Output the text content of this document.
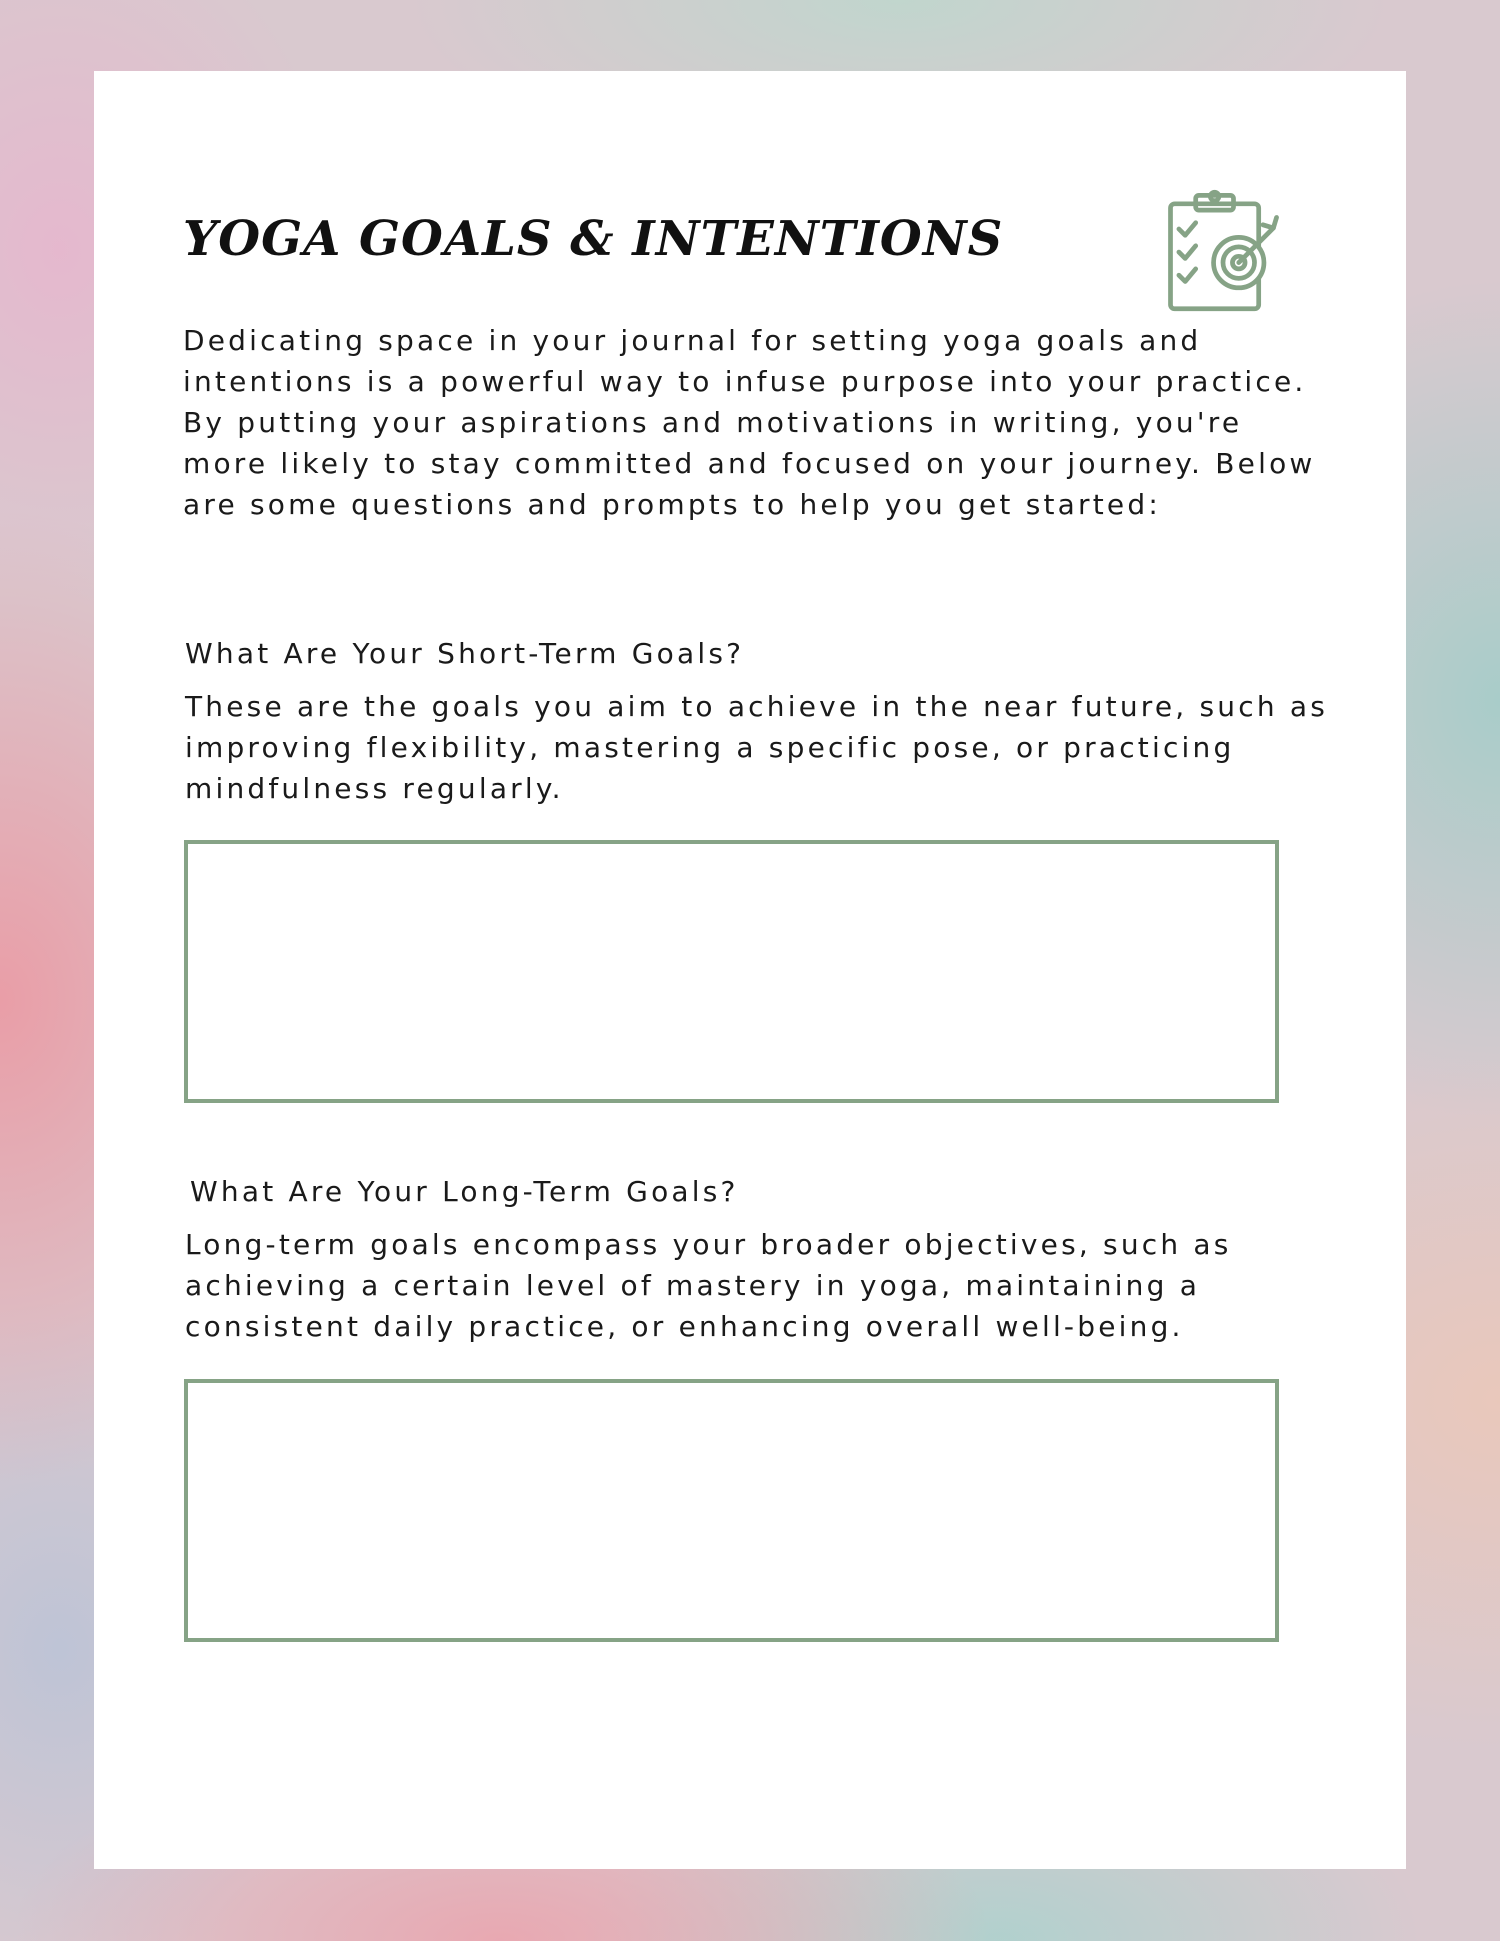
YOGA GOALS & INTENTIONS

Dedicating space in your journal for setting yoga goals and intentions is a powerful way to infuse purpose into your practice. By putting your aspirations and motivations in writing, you're more likely to stay committed and focused on your journey. Below are some questions and prompts to help you get started:

What Are Your Short-Term Goals?

These are the goals you aim to achieve in the near future, such as improving flexibility, mastering a specific pose, or practicing mindfulness regularly.

What Are Your Long-Term Goals?

Long-term goals encompass your broader objectives, such as achieving a certain level of mastery in yoga, maintaining a consistent daily practice, or enhancing overall well-being.
